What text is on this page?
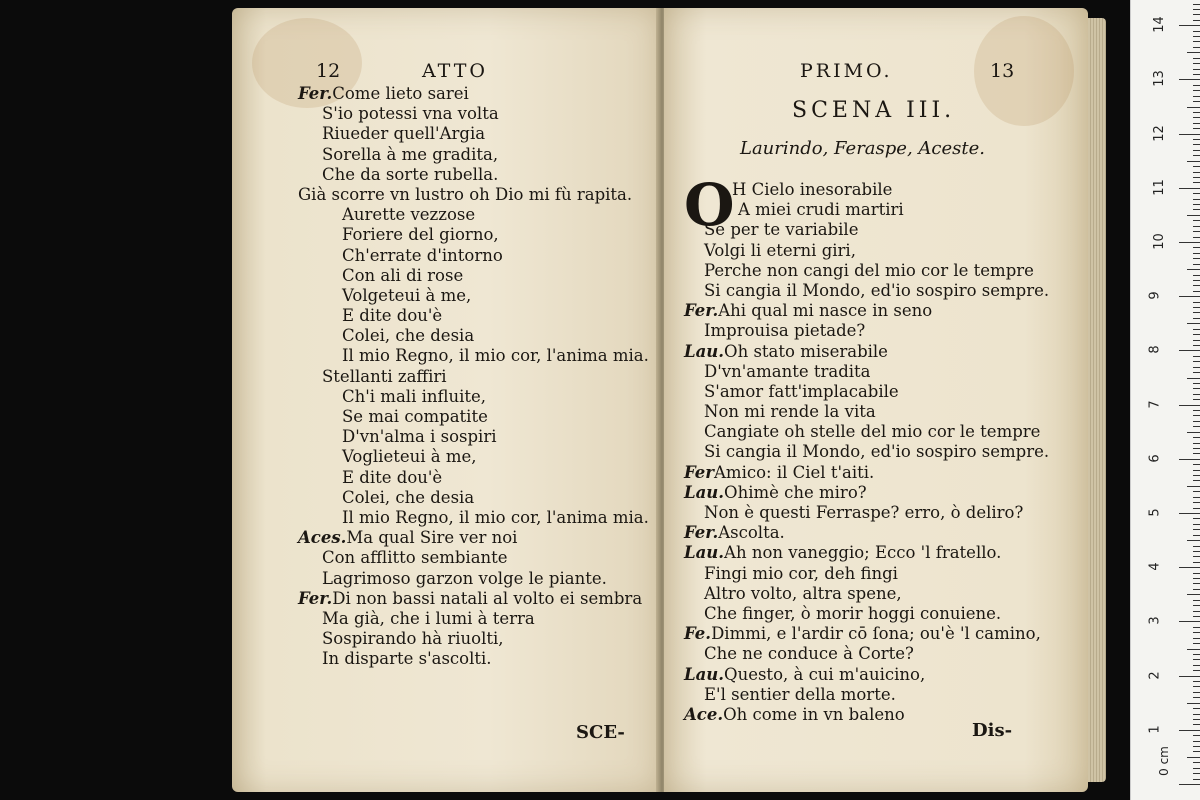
12	ATTO
Fer.Come lieto sarei
S'io potessi vna volta
Riueder quell'Argia
Sorella à me gradita,
Che da sorte rubella.
Già scorre vn lustro oh Dio mi fù rapita.
Aurette vezzose
Foriere del giorno,
Ch'errate d'intorno
Con ali di rose
Volgeteui à me,
E dite dou'è
Colei, che desia
Il mio Regno, il mio cor, l'anima mia.
Stellanti zaffiri
Ch'i mali influite,
Se mai compatite
D'vn'alma i sospiri
Voglieteui à me,
E dite dou'è
Colei, che desia
Il mio Regno, il mio cor, l'anima mia.
Aces.Ma qual Sire ver noi
Con afflitto sembiante
Lagrimoso garzon volge le piante.
Fer.Di non bassi natali al volto ei sembra
Ma già, che i lumi à terra
Sospirando hà riuolti,
In disparte s'ascolti.
SCE-
PRIMO.	13
SCENA III.
Laurindo, Feraspe, Aceste.
O
H Cielo inesorabile
A miei crudi martiri
Se per te variabile
Volgi li eterni giri,
Perche non cangi del mio cor le tempre
Si cangia il Mondo, ed'io sospiro sempre.
Fer.Ahi qual mi nasce in seno
Improuisa pietade?
Lau.Oh stato miserabile
D'vn'amante tradita
S'amor fatt'implacabile
Non mi rende la vita
Cangiate oh stelle del mio cor le tempre
Si cangia il Mondo, ed'io sospiro sempre.
FerAmico: il Ciel t'aiti.
Lau.Ohimè che miro?
Non è questi Ferraspe? erro, ò deliro?
Fer.Ascolta.
Lau.Ah non vaneggio; Ecco 'l fratello.
Fingi mio cor, deh fingi
Altro volto, altra spene,
Che finger, ò morir hoggi conuiene.
Fe.Dimmi, e l'ardir cō ſona; ou'è 'l camino,
Che ne conduce à Corte?
Lau.Questo, à cui m'auicino,
E'l sentier della morte.
Ace.Oh come in vn baleno
Dis-
0 cm
1
2
3
4
5
6
7
8
9
10
11
12
13
14
